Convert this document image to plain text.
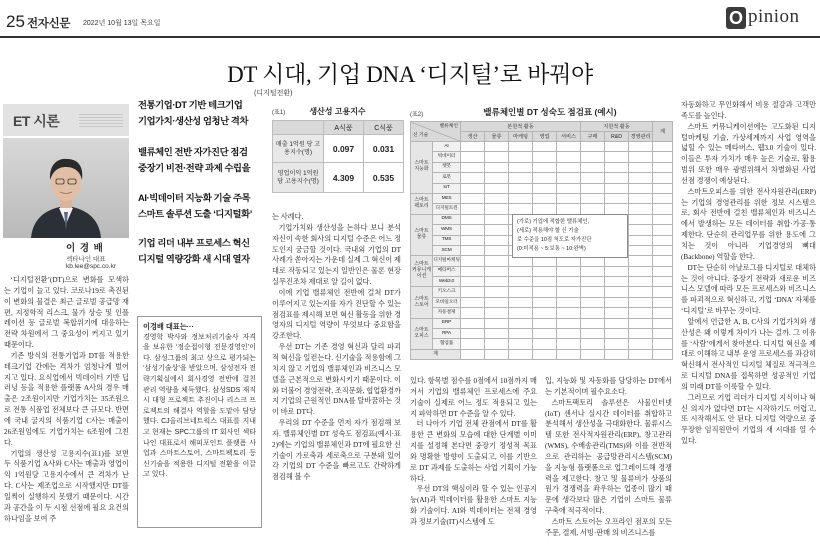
25 전자신문 2022년 10월 13일 목요일	O pinion
DT 시대, 기업 DNA ‘디지털’로 바꿔야
(디지털전환)
ET 시론
이 경 배
섹타나인 대표
kb.lee@spc.co.kr

‘디지털전환’(DT)으로 변화를 모색하는 기업이 늘고 있다. 코로나19로 촉진된 이 변화의 물결은 최근 글로벌 공급망 재편, 지정학적 리스크, 물가 상승 및 인플레이션 등 글로벌 복합위기에 대응하는 전략 차원에서 그 중요성이 커지고 있기 때문이다.

기존 방식의 전통기업과 DT를 적용한 테크기업 간에는 격차가 엄청나게 벌어지고 있다. 요식업에서 빅데이터 기반 딥러닝 등을 적용한 플랫폼 A사의 경우 매출은 2조원이지만 기업가치는 35조원으로 전통 식품업 전체보다 큰 규모다. 반면에 국내 굴지의 식품기업 C사는 매출이 26조원임에도 기업가치는 6조원에 그친다.

기업의 생산성 고용지수(표1)를 보면 두 식품기업 A사와 C사는 매출과 영업이익 1억원당 고용지수에서 큰 격차가 난다. C사는 제조업으로 시작했지만 DT를 일찍이 실행하지 못했기 때문이다. 시간과 공간을 이 두 시점 선점에 필요 요건의 하나임을 보여 주

전통기업·DT 기반 테크기업
기업가치·생산성 엄청난 격차
밸류체인 전반 자가진단 점검
중장기 비전·전략 과제 수립을
AI·빅데이터 지능화 기술 주목
스마트 솔루션 도출 ‘디지털화’
기업 리더 내부 프로세스 혁신
디지털 역량강화 새 시대 열자
이경배 대표는···
경영학 박사와 정보처리기술사 자격을 보유한 ‘정순접이형 전문경영인’이다. 삼성그룹의 최고 상으로 평가되는 ‘삼성기술상’을 받았으며, 삼성전자 전략기획실에서 회사경영 전반에 걸친 관리 역량을 체득했다. 삼성SDS 재직 시 대형 프로젝트 추진이나 리스크 프로젝트의 해결사 역할을 도맡아 담당했다. CJ올리브네트웍스 대표를 지내고 현재는 SPC그룹의 IT 회사인 섹타나인 대표로서 해피포인트 플랫폼 사업과 스마트스토어, 스마트팩토리 등 신기술을 적용한 디지털 전환을 이끌고 있다.
(표1)	생산성 고용지수
	A식품	C식품
매출 1억원 당 고용지수(명)	0.097	0.031
영업이익 1억원 당 고용지수(명)	4.309	0.535

는 사례다.

기업가치와 생산성을 논하다 보니 분석 자신이 속한 회사의 디지털 수준은 어느 정도인지 궁금할 것이다. 국내외 기업의 DT 사례가 쏟아지는 가운데 실제 그 혁신이 제대로 작동되고 있는지 일반인은 물론 현장 실무진조차 제대로 알 길이 없다.

이에 기업 밸류체인 전반에 걸쳐 DT가 이루어지고 있는지를 자가 진단할 수 있는 점검표를 제시해 보면 혁신 활동을 위한 경영자의 디지털 역량이 무엇보다 중요함을 강조한다.

우선 DT는 기존 경영 혁신과 달리 파괴적 혁신을 일컫는다. 신기술을 적용함에 그치지 않고 기업의 밸류체인과 비즈니스 모델을 근본적으로 변화시키기 때문이다. 이와 더불어 경영전략, 조직문화, 협업환경까지 기업의 근원적인 DNA를 탈바꿈하는 것이 바로 DT다.

우리의 DT 수준을 먼저 자가 점검해 보자. 밸류체인별 DT 성숙도 점검표(예시·표2)에는 기업의 밸류체인과 DT에 필요한 신기술이 가로축과 세로축으로 구분돼 있어 각 기업의 DT 수준을 빠르고도 간략하게 점검해 볼 수

(표2)	밸류체인별 DT 성숙도 점검표 (예시)
밸류체인
신 기술		본원적 활동					지원적 활동			계
		생산	물류	마케팅	영업	서비스	구매	R&D	경영관리	
스마트 지능화	AI									
	빅데이터									
	챗봇									
	로봇									
	IoT									
스마트 팩토리	MES									
	디지털트윈									
스마트 물류	DMS									
	WMS									
	TMS									
	SCM									
스마트 커뮤니케이션	디지털마케팅									
	메타버스									
	Web3.0									
스마트 스토어	키오스크									
	모바일오더									
	자동결제									
스마트 오피스	ERP									
	RPA									
	협업툴									
계										
(가로) 기업에 적합한 밸류체인,
(세로) 적용해야 할 신 기술
로 수준을 10점 척도로 자가진단
(0:미적용 ~ 5:보통 ~ 10:완벽)

있다. 항목별 점수를 0점에서 10점까지 매겨서 기업의 밸류체인 프로세스에 주요 기술이 실제로 어느 정도 적용되고 있는지 파악하면 DT 수준을 알 수 있다.

더 나아가 기업 전체 관점에서 DT를 활용한 큰 변화의 모습에 대한 단계별 이미지를 설정해 본다면 중장기 정성적 목표와 명확한 방향이 도출되고, 이를 기반으로 DT 과제를 도출하는 사업 기획이 가능하다.

우선 DT의 핵심이라 할 수 있는 인공지능(AI)과 빅데이터를 활용한 스마트 지능화 기술이다. AI와 빅데이터는 전체 경영과 정보기술(IT)시스템에 도

입, 지능화 및 자동화를 담당하는 DT에서는 기본적이며 필수요소다.

스마트팩토리 솔루션은 사물인터넷(IoT) 센서나 실시간 데이터를 취합하고 분석해서 생산성을 극대화한다. 물류시스템 또한 전사적자원관리(ERP), 창고관리(WMS), 수배송관리(TMS)와 이를 전반적으로 관리하는 공급망관리시스템(SCM)을 지능형 플랫폼으로 업그레이드해 경쟁력을 제고한다. 창고 및 물류비가 상품의 원가 경쟁력을 좌우하는 업종이 많기 때문에 생각보다 많은 기업이 스마트 물류 구축에 적극적이다.

스마트 스토어는 오프라인 점포의 모든 주문, 결제, 서빙·판매 의 비즈니스를

자동화하고 무인화해서 비용 절감과 고객만족도를 높인다.

스마트 커뮤니케이션에는 고도화된 디지털마케팅 기술, 가상세계까지 사업 영역을 넓힐 수 있는 메타버스, 웹3.0 기술이 있다. 이들은 투자 가치가 매우 높은 기술로, 활용 범위 또한 매우 광범위해서 차별화된 사업 선점 경쟁이 예상된다.

스마트오피스를 위한 전사자원관리(ERP)는 기업의 경영관리를 위한 정보 시스템으로, 회사 전반에 걸친 밸류체인과 비즈니스에서 발생하는 모든 데이터를 취합·가공·통제한다. 단순히 관리업무를 위한 용도에 그치는 것이 아니라 기업경영의 뼈대(Backbone) 역할을 한다.

DT는 단순히 아날로그를 디지털로 대체하는 것이 아니다. 중장기 전략과 새로운 비즈니스 모델에 따라 모든 프로세스와 비즈니스를 파괴적으로 혁신하고, 기업 ‘DNA’ 자체를 ‘디지털’로 바꾸는 것이다.

앞에서 언급한 A, B, C사의 기업가치와 생산성은 왜 이렇게 차이가 나는 걸까. 그 이유를 ‘사람’에게서 찾아본다. 디지털 혁신을 제대로 이해하고 내부 운영 프로세스를 과감히 혁신해서 전사적인 디지털 체질로 적극적으로 디지털 DNA를 접목하면 성공적인 기업의 미래 DT를 이룩할 수 있다.

그러므로 기업 리더가 디지털 지식이나 혁신 의지가 없다면 DT는 시작하기도 어렵고, 또 시작해서도 안 된다. 디지털 역량으로 중무장한 임직원만이 기업의 새 시대를 열 수 있다.
